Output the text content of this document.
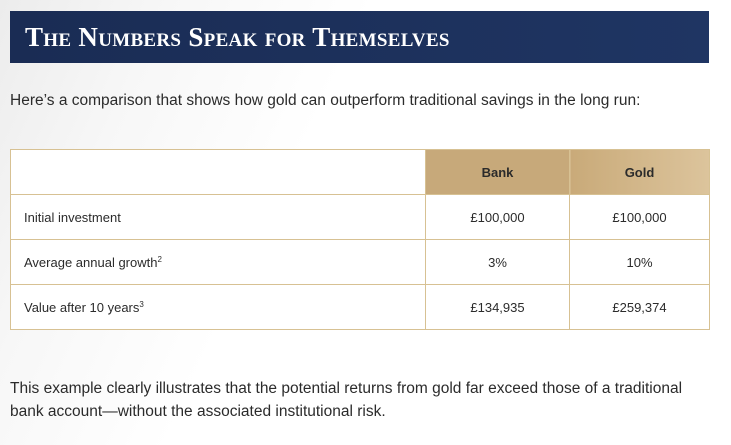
The Numbers Speak for Themselves

Here’s a comparison that shows how gold can outperform traditional savings in the long run:

	Bank	Gold
Initial investment	£100,000	£100,000
Average annual growth$^2$	3%	10%
Value after 10 years$^3$	£134,935	£259,374

This example clearly illustrates that the potential returns from gold far exceed those of a traditional bank account—without the associated institutional risk.
